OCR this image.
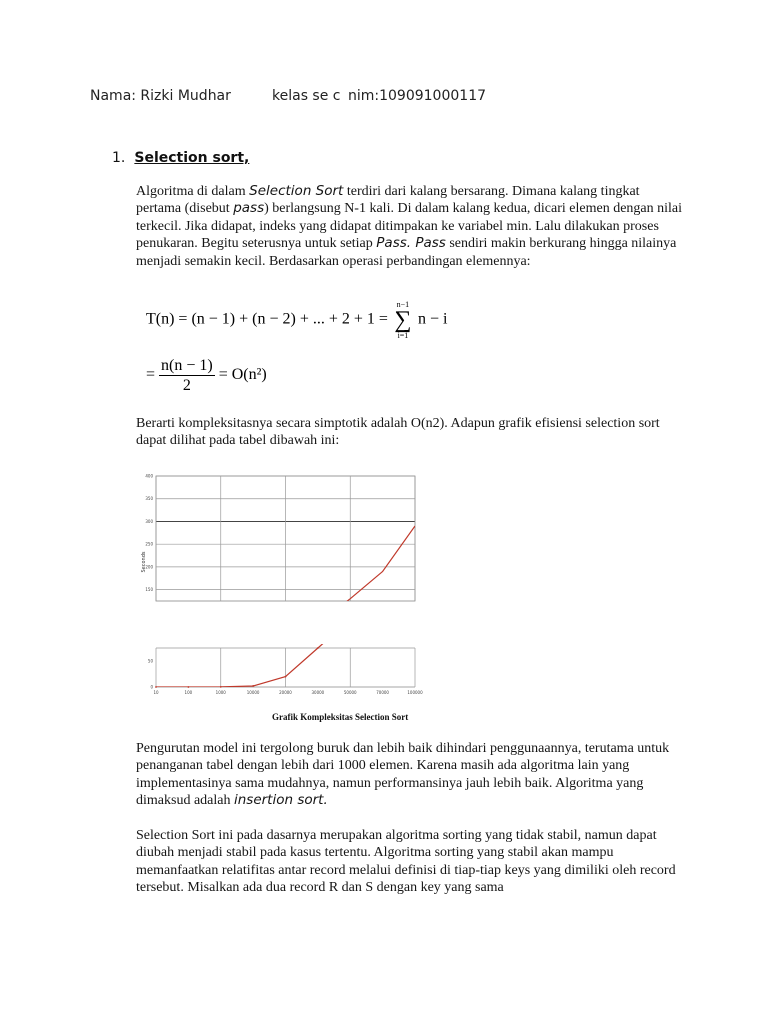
Nama: Rizki Mudhar	kelas se c nim:109091000117
1. Selection sort,

Algoritma di dalam Selection Sort terdiri dari kalang bersarang. Dimana kalang tingkat pertama (disebut pass) berlangsung N-1 kali. Di dalam kalang kedua, dicari elemen dengan nilai terkecil. Jika didapat, indeks yang didapat ditimpakan ke variabel min. Lalu dilakukan proses penukaran. Begitu seterusnya untuk setiap Pass. Pass sendiri makin berkurang hingga nilainya menjadi semakin kecil. Berdasarkan operasi perbandingan elemennya:

T(n) = (n − 1) + (n − 2) + ... + 2 + 1 =
n−1
∑
i=1
n − i
= $\frac{n(n - 1)}{2} = O(n^2)$

Berarti kompleksitasnya secara simptotik adalah O(n2). Adapun grafik efisiensi selection sort dapat dilihat pada tabel dibawah ini:

400
350
300
250
200
150
50
0
10	100	1000	10000	20000	30000	50000	70000	100000
Seconds
Grafik Kompleksitas Selection Sort

Pengurutan model ini tergolong buruk dan lebih baik dihindari penggunaannya, terutama untuk penanganan tabel dengan lebih dari 1000 elemen. Karena masih ada algoritma lain yang implementasinya sama mudahnya, namun performansinya jauh lebih baik. Algoritma yang dimaksud adalah insertion sort.

Selection Sort ini pada dasarnya merupakan algoritma sorting yang tidak stabil, namun dapat diubah menjadi stabil pada kasus tertentu. Algoritma sorting yang stabil akan mampu memanfaatkan relatifitas antar record melalui definisi di tiap-tiap keys yang dimiliki oleh record tersebut. Misalkan ada dua record R dan S dengan key yang sama
